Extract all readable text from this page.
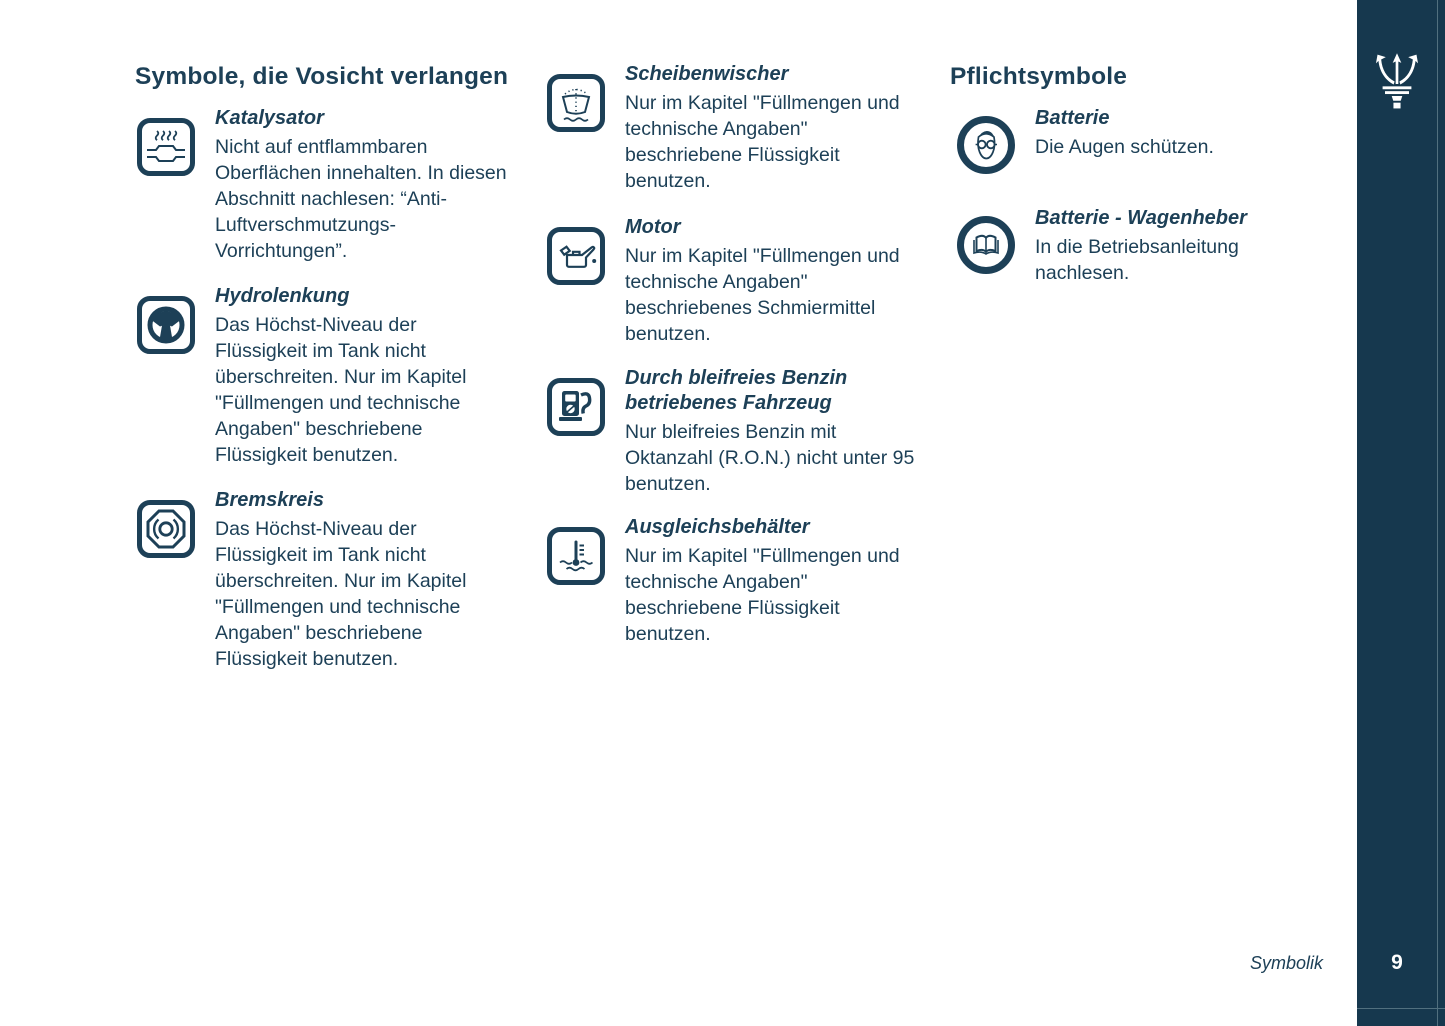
Symbole, die Vosicht verlangen
Katalysator
Nicht auf entflammbaren Oberflächen innehalten. In diesen Abschnitt nachlesen: “Anti-Luftverschmutzungs-Vorrichtungen”.
Hydrolenkung
Das Höchst-Niveau der Flüssigkeit im Tank nicht überschreiten. Nur im Kapitel "Füllmengen und technische Angaben" beschriebene Flüssigkeit benutzen.
Bremskreis
Das Höchst-Niveau der Flüssigkeit im Tank nicht überschreiten. Nur im Kapitel "Füllmengen und technische Angaben" beschriebene Flüssigkeit benutzen.
Scheibenwischer
Nur im Kapitel "Füllmengen und technische Angaben" beschriebene Flüssigkeit benutzen.
Motor
Nur im Kapitel "Füllmengen und technische Angaben" beschriebenes Schmiermittel benutzen.
Durch bleifreies Benzin betriebenes Fahrzeug
Nur bleifreies Benzin mit Oktanzahl (R.O.N.) nicht unter 95 benutzen.
Ausgleichsbehälter
Nur im Kapitel "Füllmengen und technische Angaben" beschriebene Flüssigkeit benutzen.
Pflichtsymbole
Batterie
Die Augen schützen.
Batterie - Wagenheber
In die Betriebsanleitung nachlesen.
Symbolik	9
